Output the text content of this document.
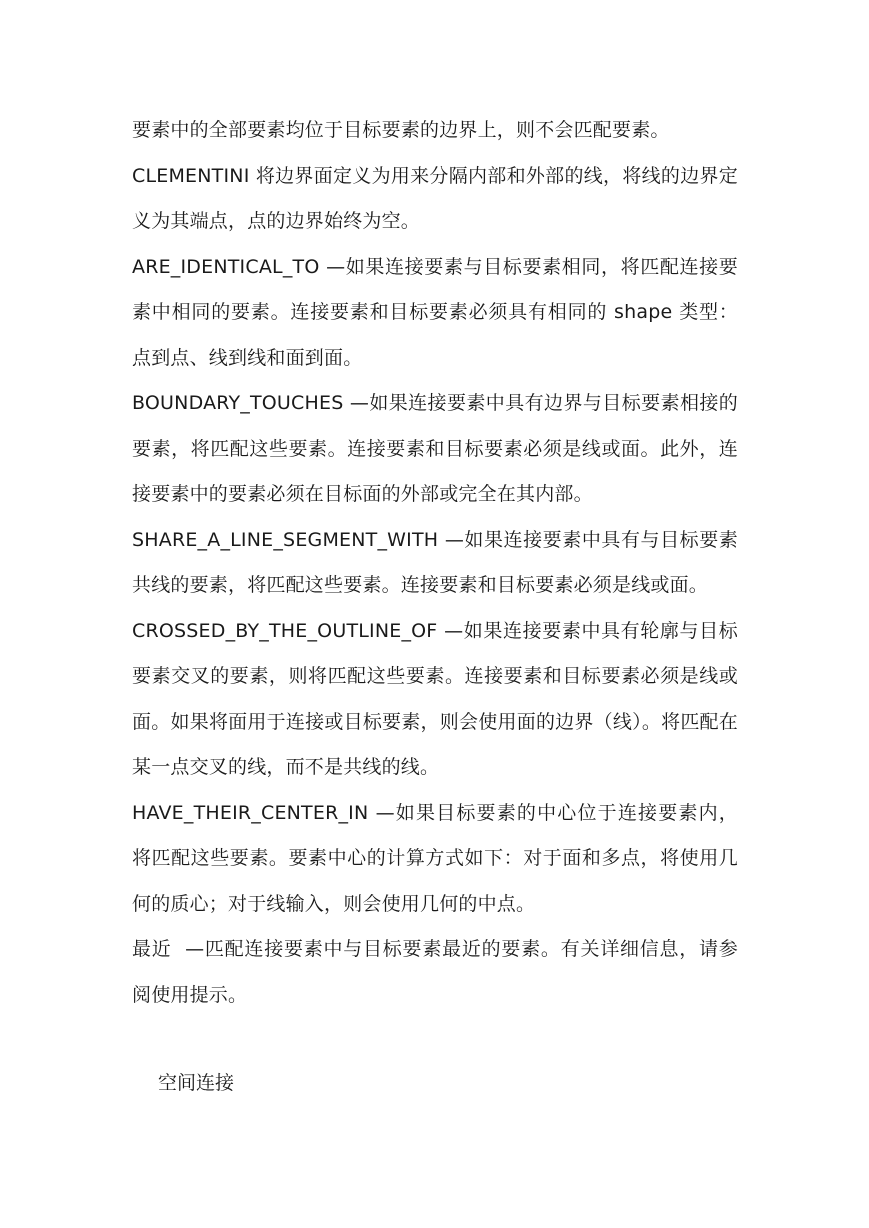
要素中的全部要素均位于目标要素的边界上，则不会匹配要素。

CLEMENTINI 将边界面定义为用来分隔内部和外部的线，将线的边界定义为其端点，点的边界始终为空。

ARE_IDENTICAL_TO —如果连接要素与目标要素相同，将匹配连接要素中相同的要素。连接要素和目标要素必须具有相同的 shape 类型：点到点、线到线和面到面。

BOUNDARY_TOUCHES —如果连接要素中具有边界与目标要素相接的要素，将匹配这些要素。连接要素和目标要素必须是线或面。此外，连接要素中的要素必须在目标面的外部或完全在其内部。

SHARE_A_LINE_SEGMENT_WITH —如果连接要素中具有与目标要素共线的要素，将匹配这些要素。连接要素和目标要素必须是线或面。

CROSSED_BY_THE_OUTLINE_OF —如果连接要素中具有轮廓与目标要素交叉的要素，则将匹配这些要素。连接要素和目标要素必须是线或面。如果将面用于连接或目标要素，则会使用面的边界（线）。将匹配在某一点交叉的线，而不是共线的线。

HAVE_THEIR_CENTER_IN —如果目标要素的中心位于连接要素内，将匹配这些要素。要素中心的计算方式如下：对于面和多点，将使用几何的质心；对于线输入，则会使用几何的中点。

最近  —匹配连接要素中与目标要素最近的要素。有关详细信息，请参阅使用提示。

空间连接
